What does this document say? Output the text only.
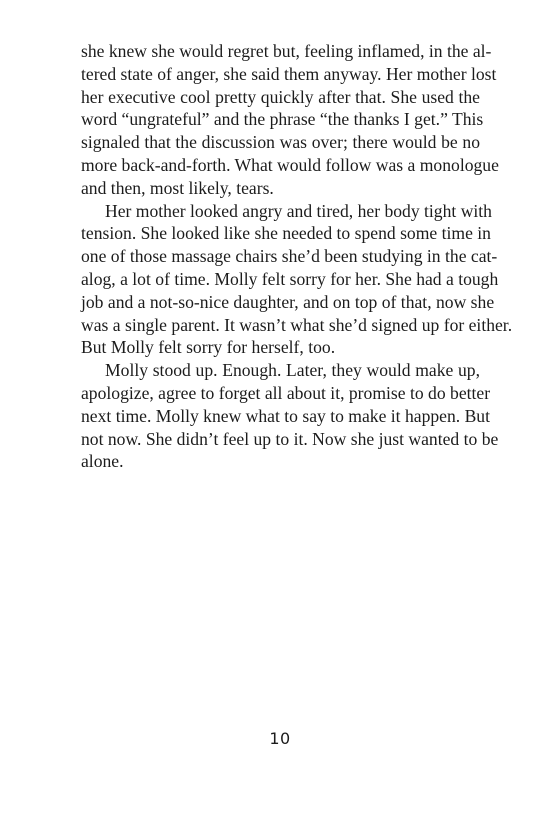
she knew she would regret but, feeling inflamed, in the al-
tered state of anger, she said them anyway. Her mother lost
her executive cool pretty quickly after that. She used the
word “ungrateful” and the phrase “the thanks I get.” This
signaled that the discussion was over; there would be no
more back-and-forth. What would follow was a monologue
and then, most likely, tears.
Her mother looked angry and tired, her body tight with
tension. She looked like she needed to spend some time in
one of those massage chairs she’d been studying in the cat-
alog, a lot of time. Molly felt sorry for her. She had a tough
job and a not-so-nice daughter, and on top of that, now she
was a single parent. It wasn’t what she’d signed up for either.
But Molly felt sorry for herself, too.
Molly stood up. Enough. Later, they would make up,
apologize, agree to forget all about it, promise to do better
next time. Molly knew what to say to make it happen. But
not now. She didn’t feel up to it. Now she just wanted to be
alone.
10
